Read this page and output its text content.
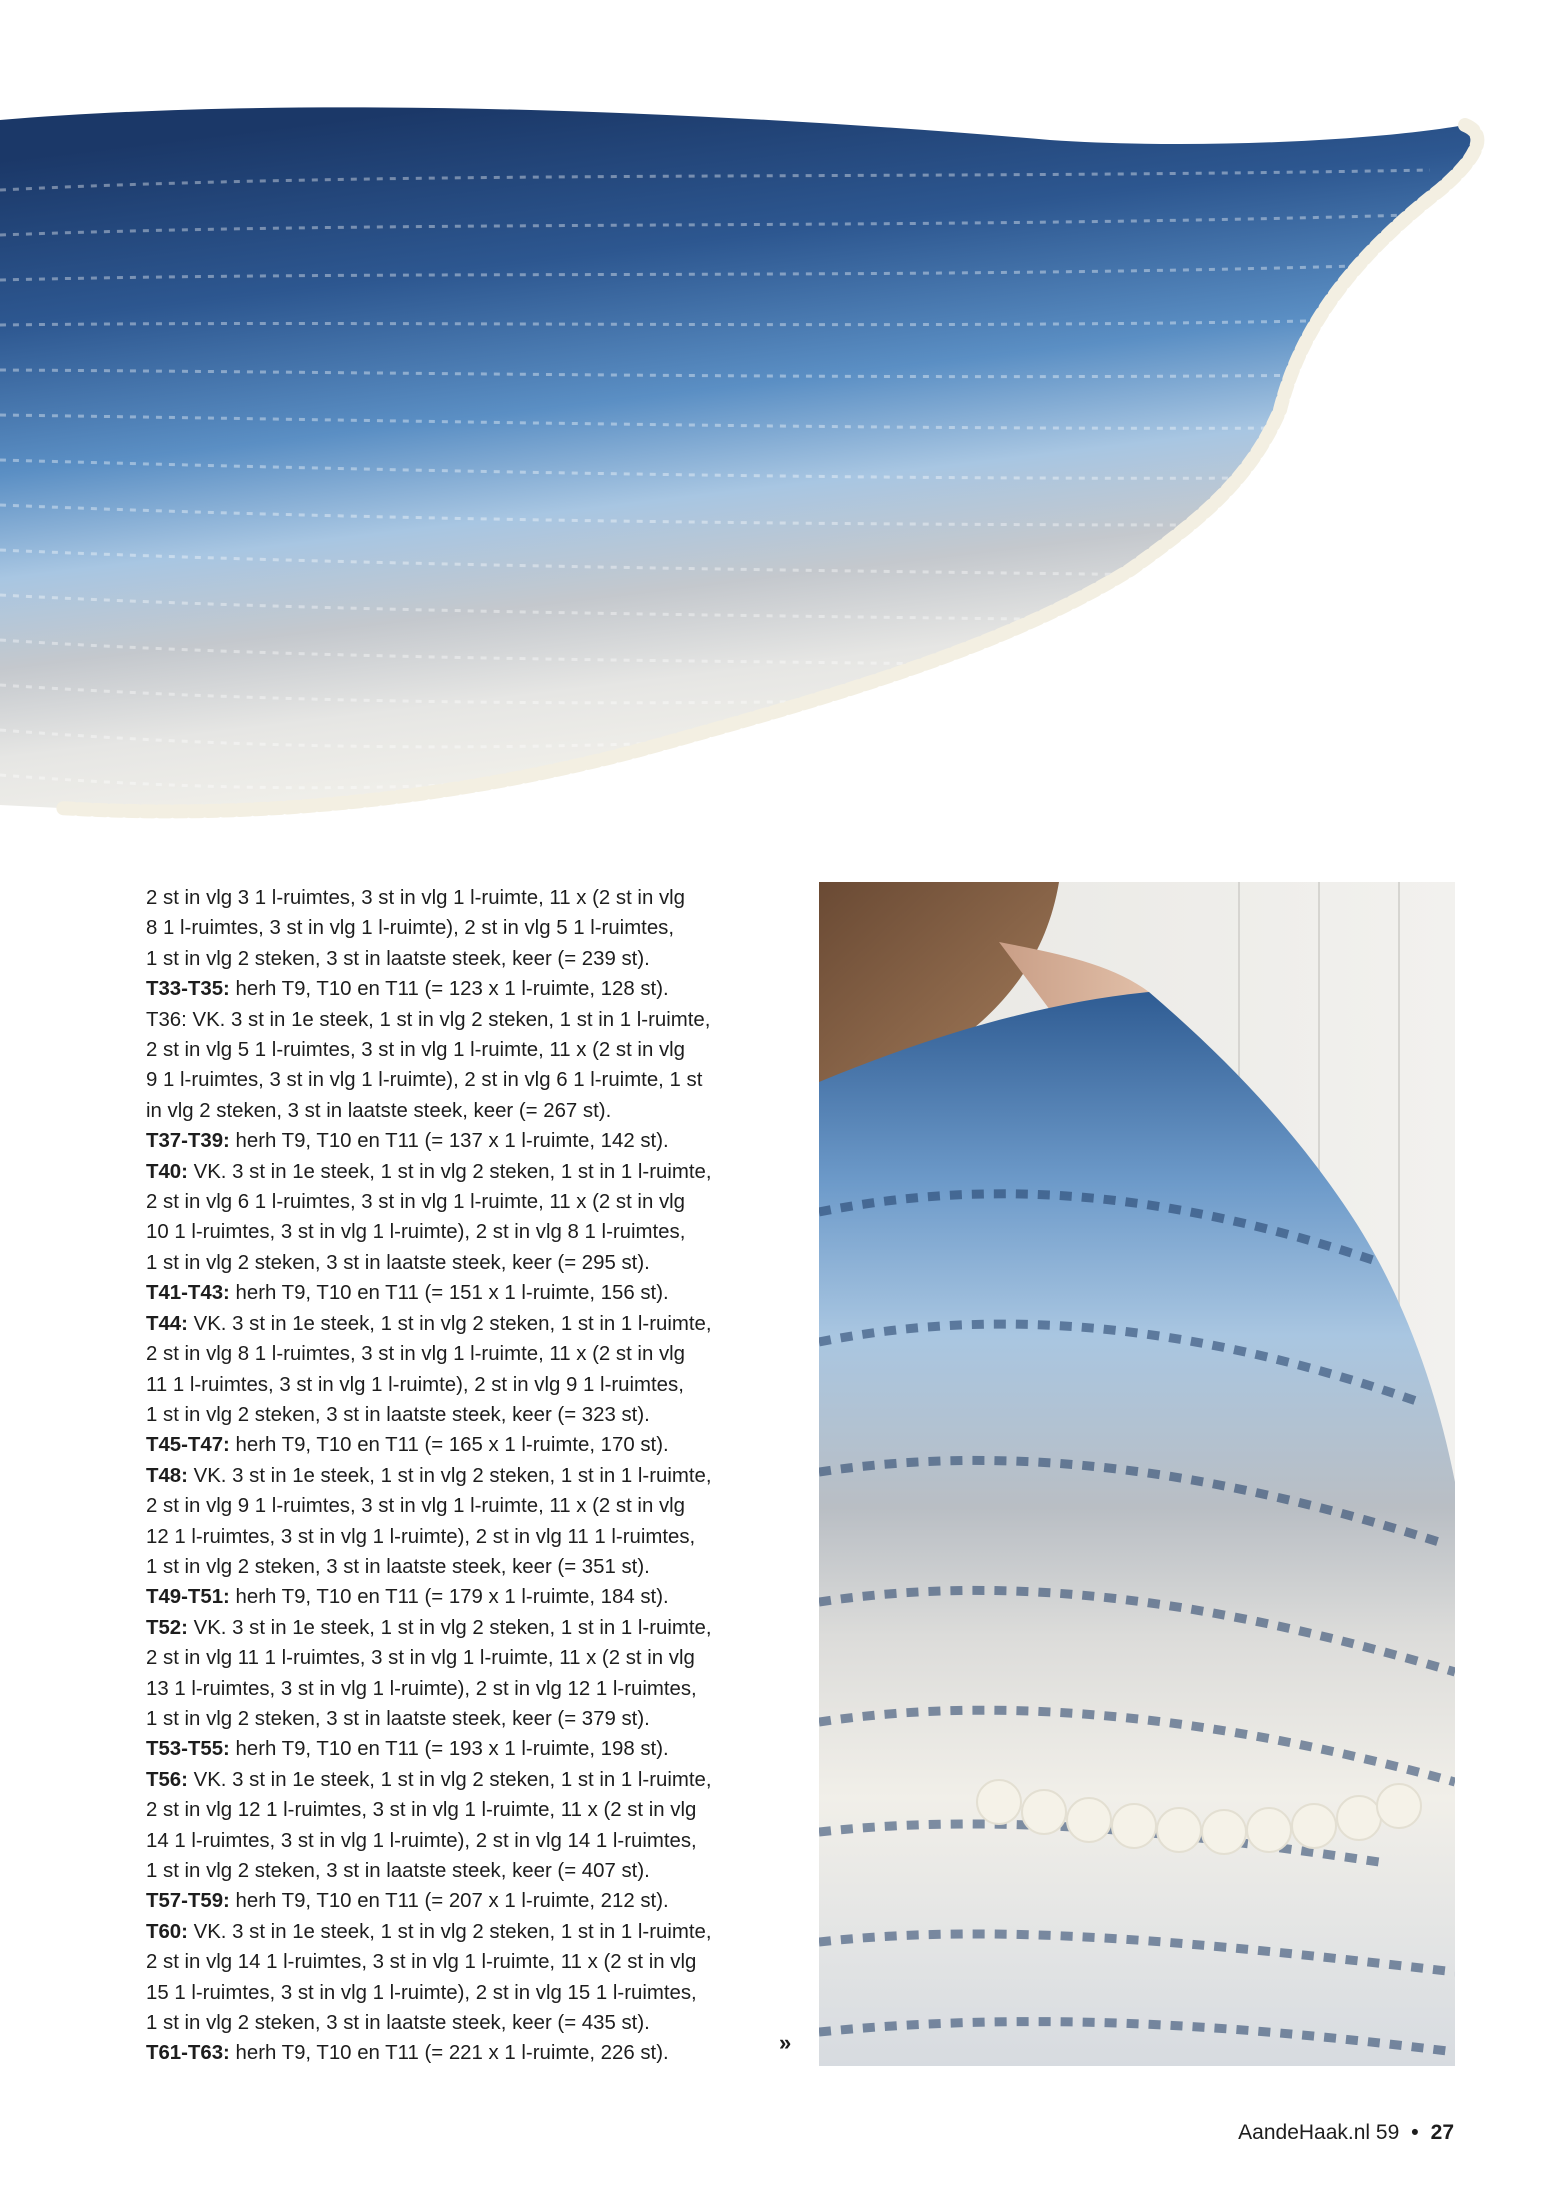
2 st in vlg 3 1 l-ruimtes, 3 st in vlg 1 l-ruimte, 11 x (2 st in vlg
8 1 l-ruimtes, 3 st in vlg 1 l-ruimte), 2 st in vlg 5 1 l-ruimtes,
1 st in vlg 2 steken, 3 st in laatste steek, keer (= 239 st).
T33-T35: herh T9, T10 en T11 (= 123 x 1 l-ruimte, 128 st).
T36: VK. 3 st in 1e steek, 1 st in vlg 2 steken, 1 st in 1 l-ruimte,
2 st in vlg 5 1 l-ruimtes, 3 st in vlg 1 l-ruimte, 11 x (2 st in vlg
9 1 l-ruimtes, 3 st in vlg 1 l-ruimte), 2 st in vlg 6 1 l-ruimte, 1 st
in vlg 2 steken, 3 st in laatste steek, keer (= 267 st).
T37-T39: herh T9, T10 en T11 (= 137 x 1 l-ruimte, 142 st).
T40: VK. 3 st in 1e steek, 1 st in vlg 2 steken, 1 st in 1 l-ruimte,
2 st in vlg 6 1 l-ruimtes, 3 st in vlg 1 l-ruimte, 11 x (2 st in vlg
10 1 l-ruimtes, 3 st in vlg 1 l-ruimte), 2 st in vlg 8 1 l-ruimtes,
1 st in vlg 2 steken, 3 st in laatste steek, keer (= 295 st).
T41-T43: herh T9, T10 en T11 (= 151 x 1 l-ruimte, 156 st).
T44: VK. 3 st in 1e steek, 1 st in vlg 2 steken, 1 st in 1 l-ruimte,
2 st in vlg 8 1 l-ruimtes, 3 st in vlg 1 l-ruimte, 11 x (2 st in vlg
11 1 l-ruimtes, 3 st in vlg 1 l-ruimte), 2 st in vlg 9 1 l-ruimtes,
1 st in vlg 2 steken, 3 st in laatste steek, keer (= 323 st).
T45-T47: herh T9, T10 en T11 (= 165 x 1 l-ruimte, 170 st).
T48: VK. 3 st in 1e steek, 1 st in vlg 2 steken, 1 st in 1 l-ruimte,
2 st in vlg 9 1 l-ruimtes, 3 st in vlg 1 l-ruimte, 11 x (2 st in vlg
12 1 l-ruimtes, 3 st in vlg 1 l-ruimte), 2 st in vlg 11 1 l-ruimtes,
1 st in vlg 2 steken, 3 st in laatste steek, keer (= 351 st).
T49-T51: herh T9, T10 en T11 (= 179 x 1 l-ruimte, 184 st).
T52: VK. 3 st in 1e steek, 1 st in vlg 2 steken, 1 st in 1 l-ruimte,
2 st in vlg 11 1 l-ruimtes, 3 st in vlg 1 l-ruimte, 11 x (2 st in vlg
13 1 l-ruimtes, 3 st in vlg 1 l-ruimte), 2 st in vlg 12 1 l-ruimtes,
1 st in vlg 2 steken, 3 st in laatste steek, keer (= 379 st).
T53-T55: herh T9, T10 en T11 (= 193 x 1 l-ruimte, 198 st).
T56: VK. 3 st in 1e steek, 1 st in vlg 2 steken, 1 st in 1 l-ruimte,
2 st in vlg 12 1 l-ruimtes, 3 st in vlg 1 l-ruimte, 11 x (2 st in vlg
14 1 l-ruimtes, 3 st in vlg 1 l-ruimte), 2 st in vlg 14 1 l-ruimtes,
1 st in vlg 2 steken, 3 st in laatste steek, keer (= 407 st).
T57-T59: herh T9, T10 en T11 (= 207 x 1 l-ruimte, 212 st).
T60: VK. 3 st in 1e steek, 1 st in vlg 2 steken, 1 st in 1 l-ruimte,
2 st in vlg 14 1 l-ruimtes, 3 st in vlg 1 l-ruimte, 11 x (2 st in vlg
15 1 l-ruimtes, 3 st in vlg 1 l-ruimte), 2 st in vlg 15 1 l-ruimtes,
1 st in vlg 2 steken, 3 st in laatste steek, keer (= 435 st).
T61-T63: herh T9, T10 en T11 (= 221 x 1 l-ruimte, 226 st).	»
AandeHaak.nl 59 • 27
